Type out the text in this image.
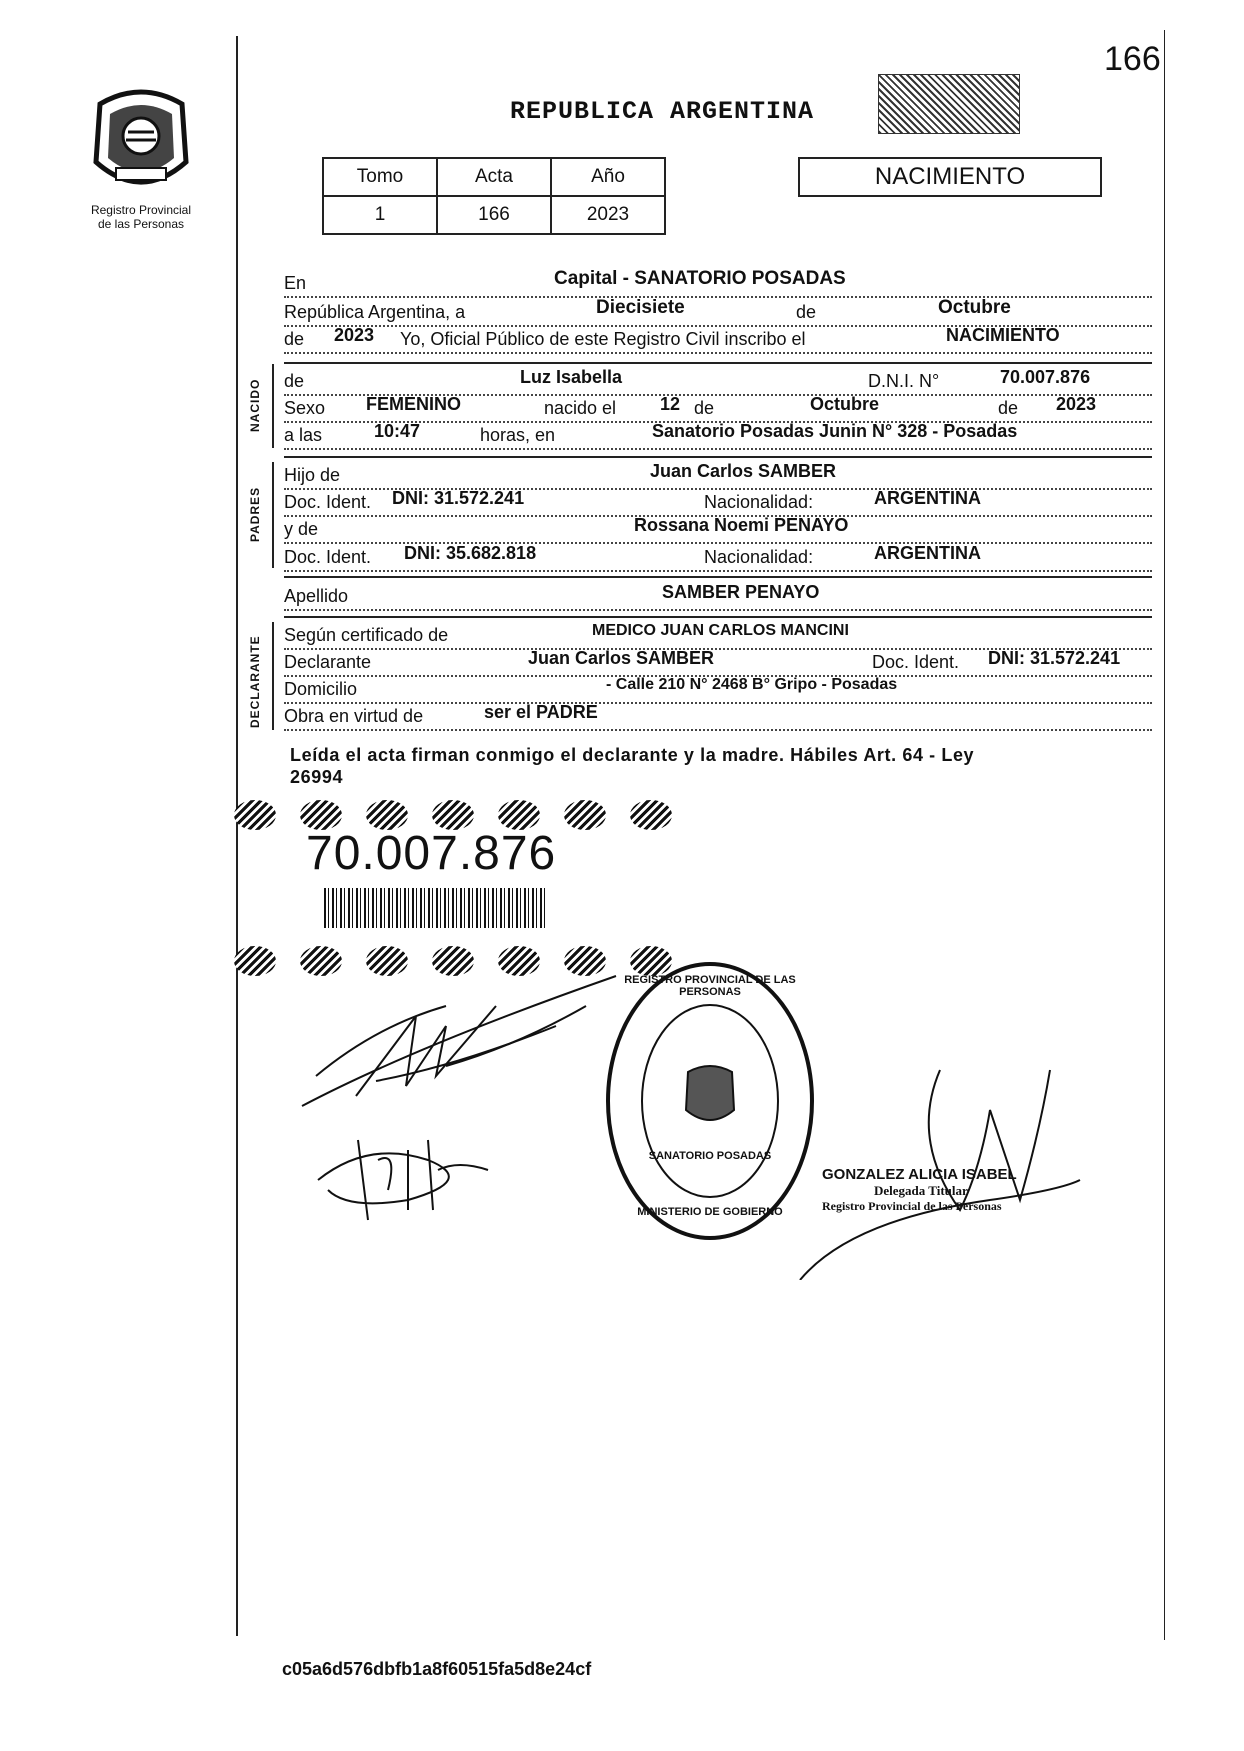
166
Registro Provincial
de las Personas
REPUBLICA ARGENTINA
Tomo	Acta	Año
1	166	2023
NACIMIENTO
En	Capital - SANATORIO POSADAS
República Argentina, a	Diecisiete	de	Octubre
de 2023 Yo, Oficial Público de este Registro Civil inscribo el	NACIMIENTO
NACIDO de	Luz Isabella	D.N.I. N°	70.007.876
Sexo FEMENINO	nacido el 12 de	Octubre	de 2023
a las	10:47	horas, en	Sanatorio Posadas Junin N° 328 - Posadas
PADRES
Hijo de	Juan Carlos SAMBER
Doc. Ident. DNI: 31.572.241	Nacionalidad:	ARGENTINA
y de	Rossana Noemi PENAYO
Doc. Ident. DNI: 35.682.818	Nacionalidad:	ARGENTINA
Apellido	SAMBER PENAYO
DECLARANTE
Según certificado de	MEDICO JUAN CARLOS MANCINI
Declarante	Juan Carlos SAMBER	Doc. Ident. DNI: 31.572.241
Domicilio	- Calle 210 N° 2468 B° Gripo - Posadas
Obra en virtud de	ser el PADRE
Leída el acta firman conmigo el declarante y la madre. Hábiles Art. 64 - Ley
26994
70.007.876
REGISTRO PROVINCIAL DE LAS PERSONAS
SANATORIO POSADAS
MINISTERIO DE GOBIERNO
GONZALEZ ALICIA ISABEL
Delegada Titular
Registro Provincial de las Personas
c05a6d576dbfb1a8f60515fa5d8e24cf
